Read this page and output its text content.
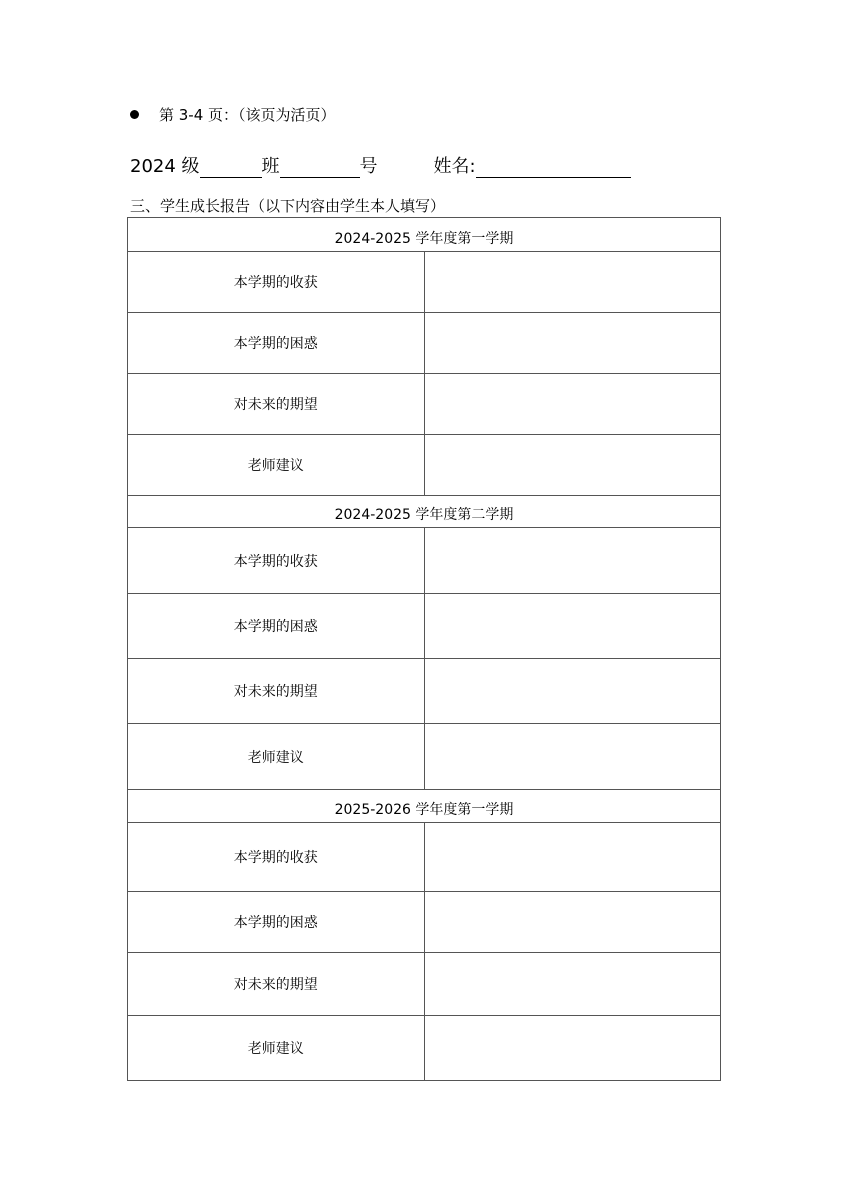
第 3-4 页：（该页为活页）
2024 级	班	号	姓名:
三、学生成长报告（以下内容由学生本人填写）
2024-2025 学年度第一学期	
本学期的收获	
本学期的困惑	
对未来的期望	
老师建议	
2024-2025 学年度第二学期	
本学期的收获	
本学期的困惑	
对未来的期望	
老师建议	
2025-2026 学年度第一学期	
本学期的收获	
本学期的困惑	
对未来的期望	
老师建议	
